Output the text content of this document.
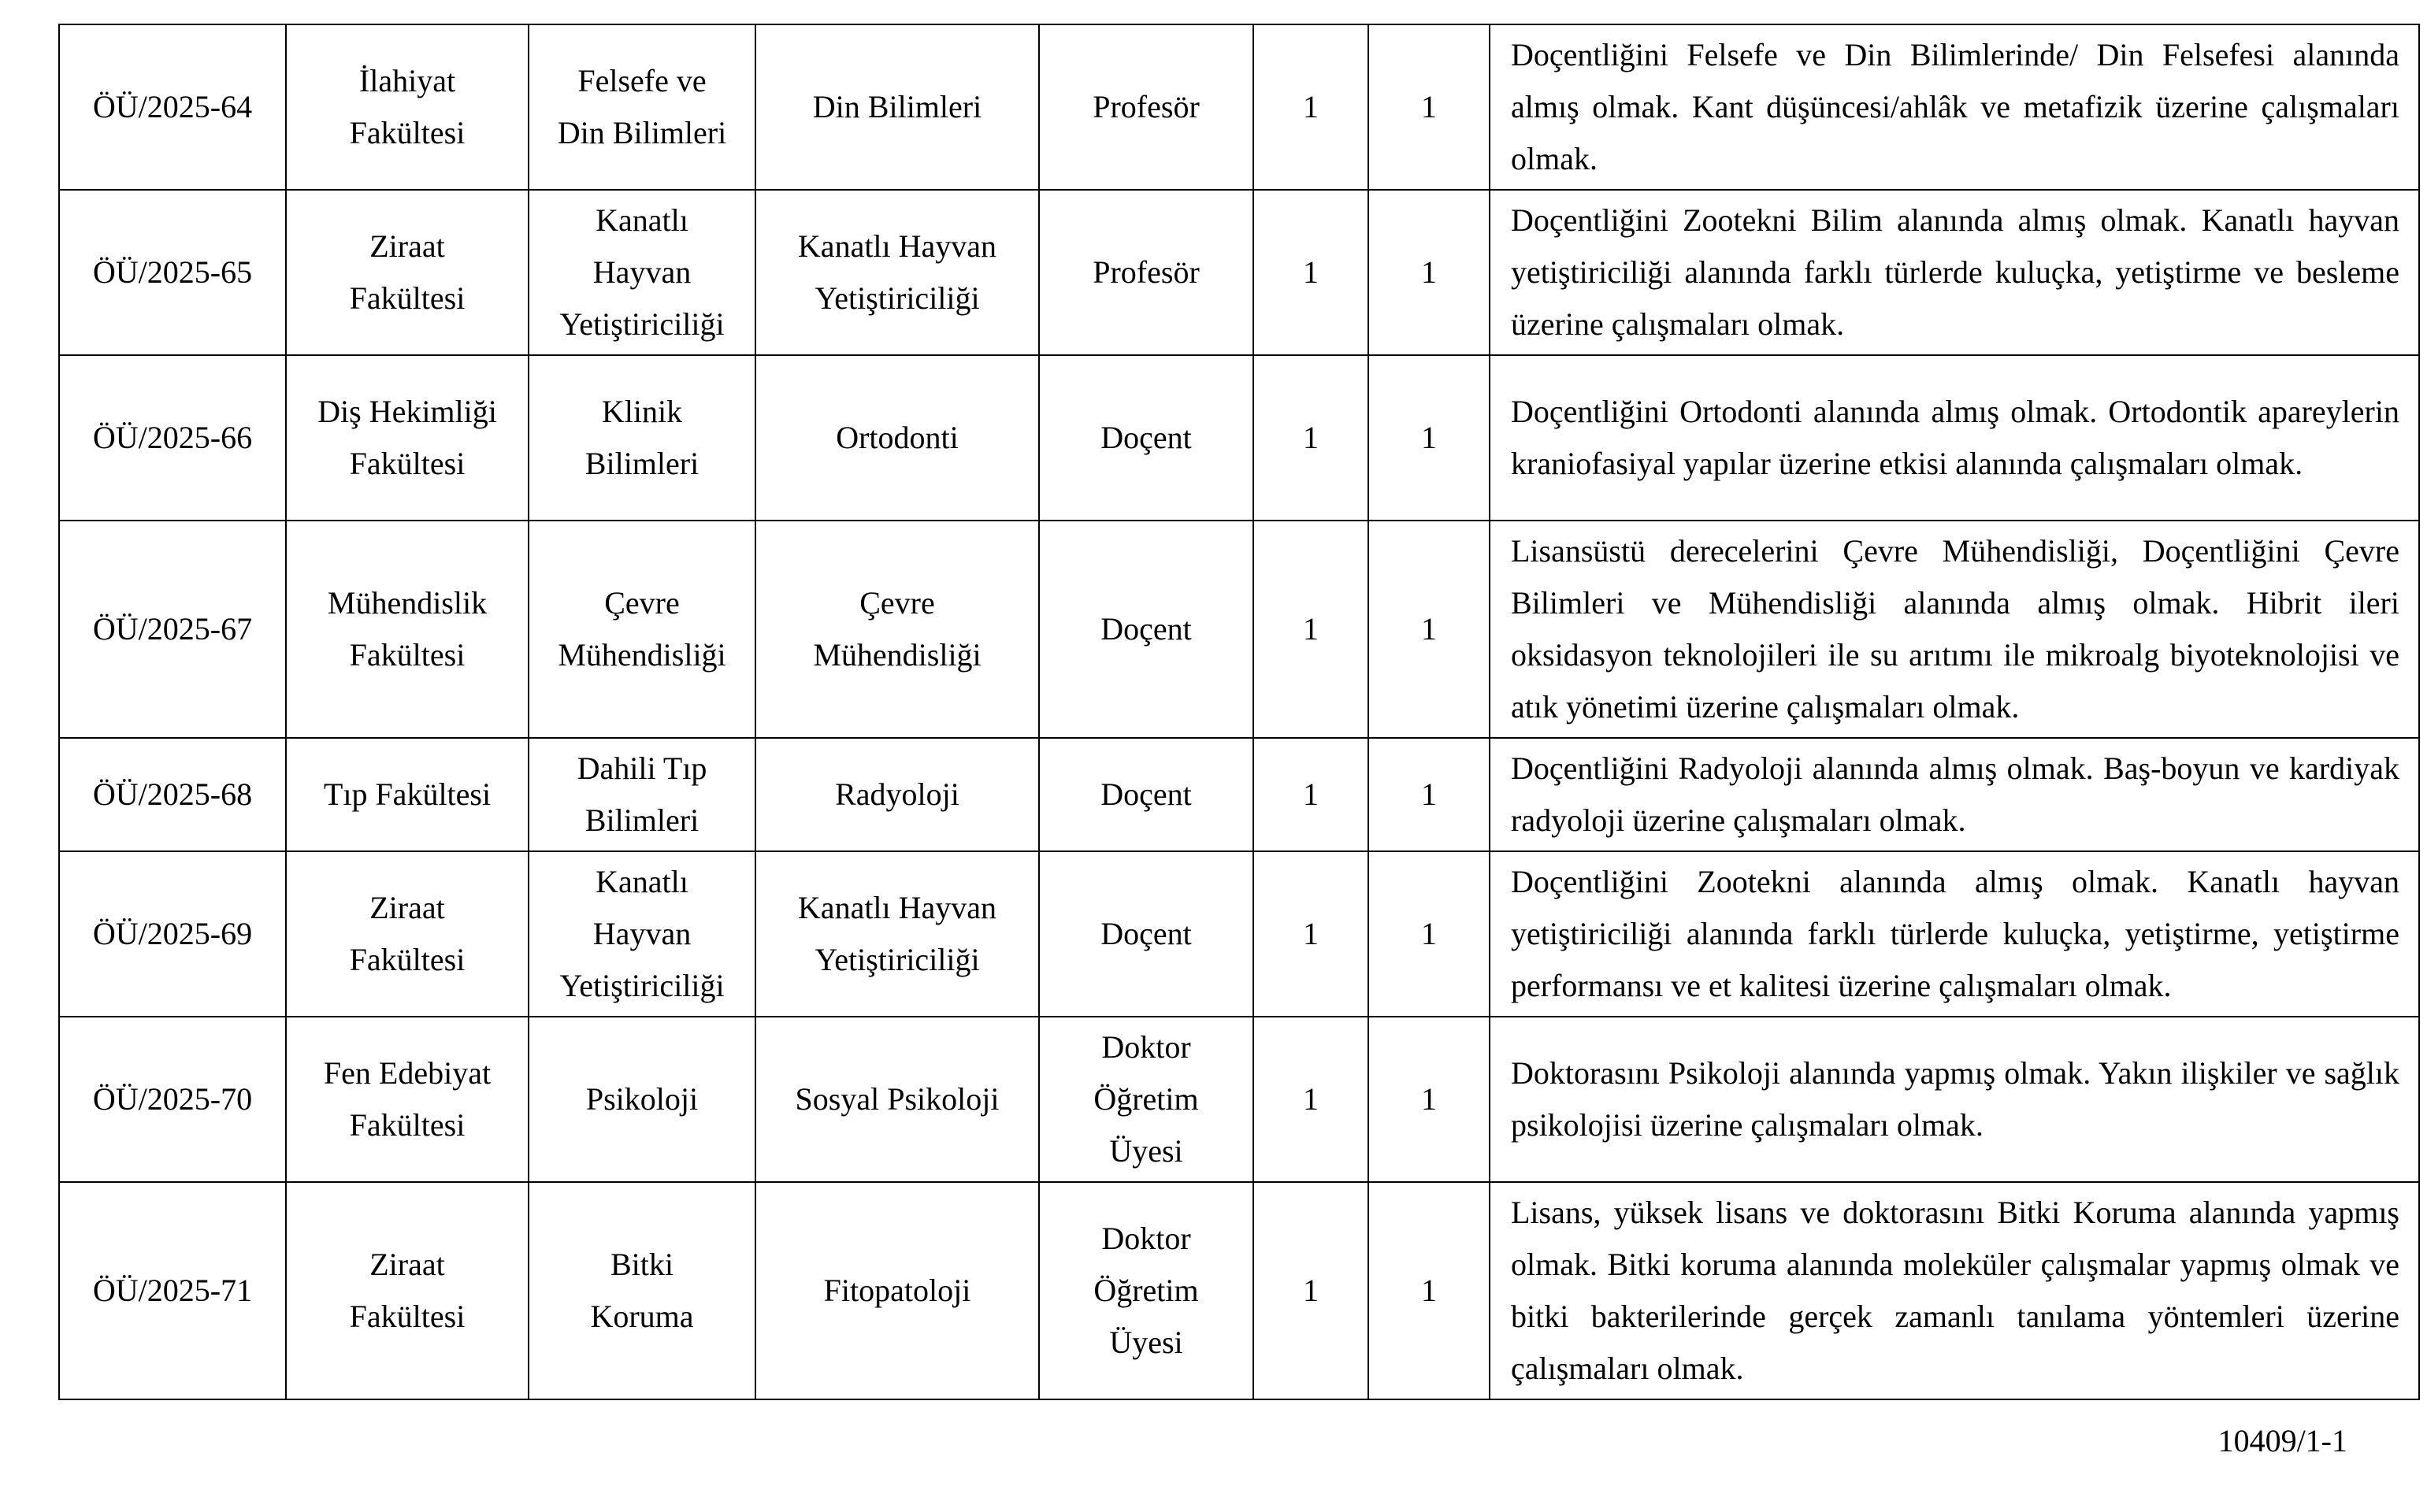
ÖÜ/2025-64	İlahiyat Fakültesi	Felsefe ve Din Bilimleri	Din Bilimleri	Profesör	1	1	Doçentliğini Felsefe ve Din Bilimlerinde/ Din Felsefesi alanında almış olmak. Kant düşüncesi/ahlâk ve metafizik üzerine çalışmaları olmak.

ÖÜ/2025-65	Ziraat Fakültesi	Kanatlı Hayvan Yetiştiriciliği	Kanatlı Hayvan Yetiştiriciliği	Profesör	1	1	Doçentliğini Zootekni Bilim alanında almış olmak. Kanatlı hayvan yetiştiriciliği alanında farklı türlerde kuluçka, yetiştirme ve besleme üzerine çalışmaları olmak.

ÖÜ/2025-66	Diş Hekimliği Fakültesi	Klinik Bilimleri	Ortodonti	Doçent	1	1	Doçentliğini Ortodonti alanında almış olmak. Ortodontik apareylerin kraniofasiyal yapılar üzerine etkisi alanında çalışmaları olmak.

ÖÜ/2025-67	Mühendislik Fakültesi	Çevre Mühendisliği	Çevre Mühendisliği	Doçent	1	1	Lisansüstü derecelerini Çevre Mühendisliği, Doçentliğini Çevre Bilimleri ve Mühendisliği alanında almış olmak. Hibrit ileri oksidasyon teknolojileri ile su arıtımı ile mikroalg biyoteknolojisi ve atık yönetimi üzerine çalışmaları olmak.

ÖÜ/2025-68	Tıp Fakültesi	Dahili Tıp Bilimleri	Radyoloji	Doçent	1	1	Doçentliğini Radyoloji alanında almış olmak. Baş-boyun ve kardiyak radyoloji üzerine çalışmaları olmak.

ÖÜ/2025-69	Ziraat Fakültesi	Kanatlı Hayvan Yetiştiriciliği	Kanatlı Hayvan Yetiştiriciliği	Doçent	1	1	Doçentliğini Zootekni alanında almış olmak. Kanatlı hayvan yetiştiriciliği alanında farklı türlerde kuluçka, yetiştirme, yetiştirme performansı ve et kalitesi üzerine çalışmaları olmak.

ÖÜ/2025-70	Fen Edebiyat Fakültesi	Psikoloji	Sosyal Psikoloji	Doktor Öğretim Üyesi	1	1	Doktorasını Psikoloji alanında yapmış olmak. Yakın ilişkiler ve sağlık psikolojisi üzerine çalışmaları olmak.

ÖÜ/2025-71	Ziraat Fakültesi	Bitki Koruma	Fitopatoloji	Doktor Öğretim Üyesi	1	1	Lisans, yüksek lisans ve doktorasını Bitki Koruma alanında yapmış olmak. Bitki koruma alanında moleküler çalışmalar yapmış olmak ve bitki bakterilerinde gerçek zamanlı tanılama yöntemleri üzerine çalışmaları olmak.
10409/1-1
